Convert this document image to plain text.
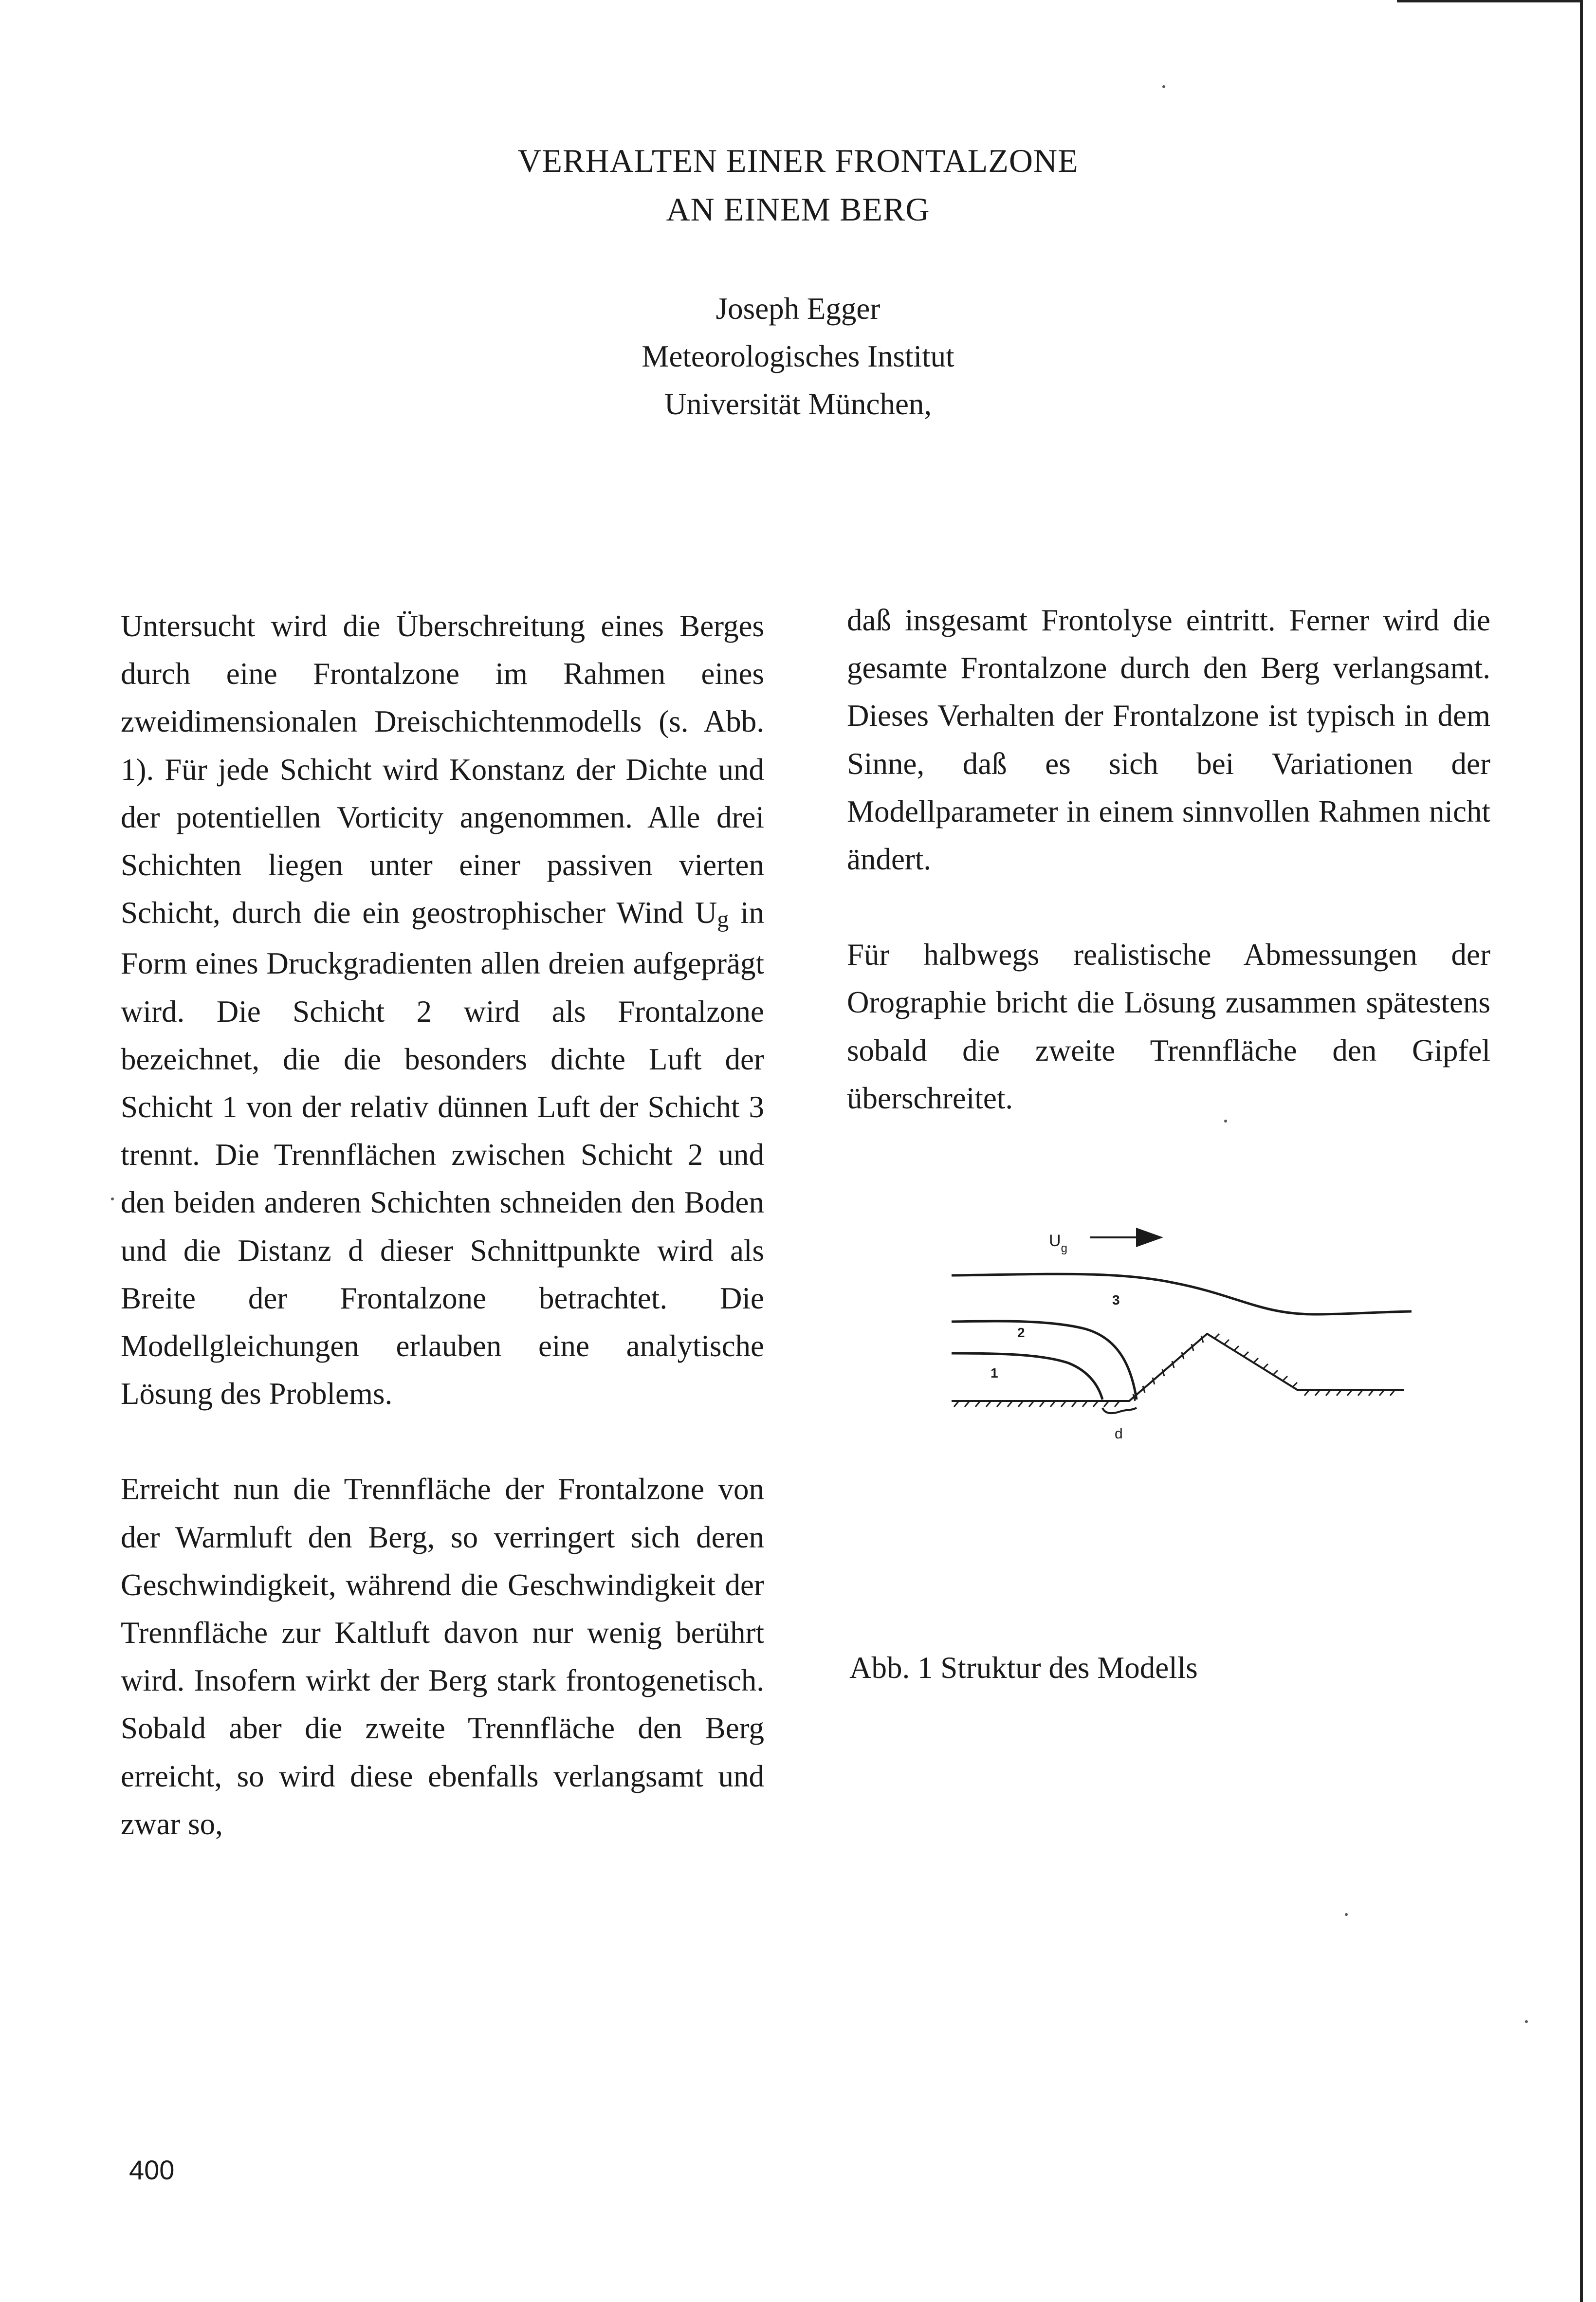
VERHALTEN EINER FRONTALZONE
AN EINEM BERG
Joseph Egger
Meteorologisches Institut
Universität München,

Untersucht wird die Überschreitung eines Berges durch eine Frontalzone im Rahmen eines zweidimensionalen Dreischichtenmodells (s. Abb. 1). Für jede Schicht wird Konstanz der Dichte und der potentiellen Vorticity angenommen. Alle drei Schichten liegen unter einer passiven vierten Schicht, durch die ein geostrophischer Wind $U_g$ in Form eines Druckgradienten allen dreien aufgeprägt wird. Die Schicht 2 wird als Frontalzone bezeichnet, die die besonders dichte Luft der Schicht 1 von der relativ dünnen Luft der Schicht 3 trennt. Die Trennflächen zwischen Schicht 2 und den beiden anderen Schichten schneiden den Boden und die Distanz d dieser Schnittpunkte wird als Breite der Frontalzone betrachtet. Die Modellgleichungen erlauben eine analytische Lösung des Problems.

Erreicht nun die Trennfläche der Frontalzone von der Warmluft den Berg, so verringert sich deren Geschwindigkeit, während die Geschwindigkeit der Trennfläche zur Kaltluft davon nur wenig berührt wird. Insofern wirkt der Berg stark frontogenetisch. Sobald aber die zweite Trennfläche den Berg erreicht, so wird diese ebenfalls verlangsamt und zwar so,

daß insgesamt Frontolyse eintritt. Ferner wird die gesamte Frontalzone durch den Berg verlangsamt. Dieses Verhalten der Frontalzone ist typisch in dem Sinne, daß es sich bei Variationen der Modellparameter in einem sinnvollen Rahmen nicht ändert.

Für halbwegs realistische Abmessungen der Orographie bricht die Lösung zusammen spätestens sobald die zweite Trennfläche den Gipfel überschreitet.

$U_g$
3
2
1
d
Abb. 1 Struktur des Modells
400
